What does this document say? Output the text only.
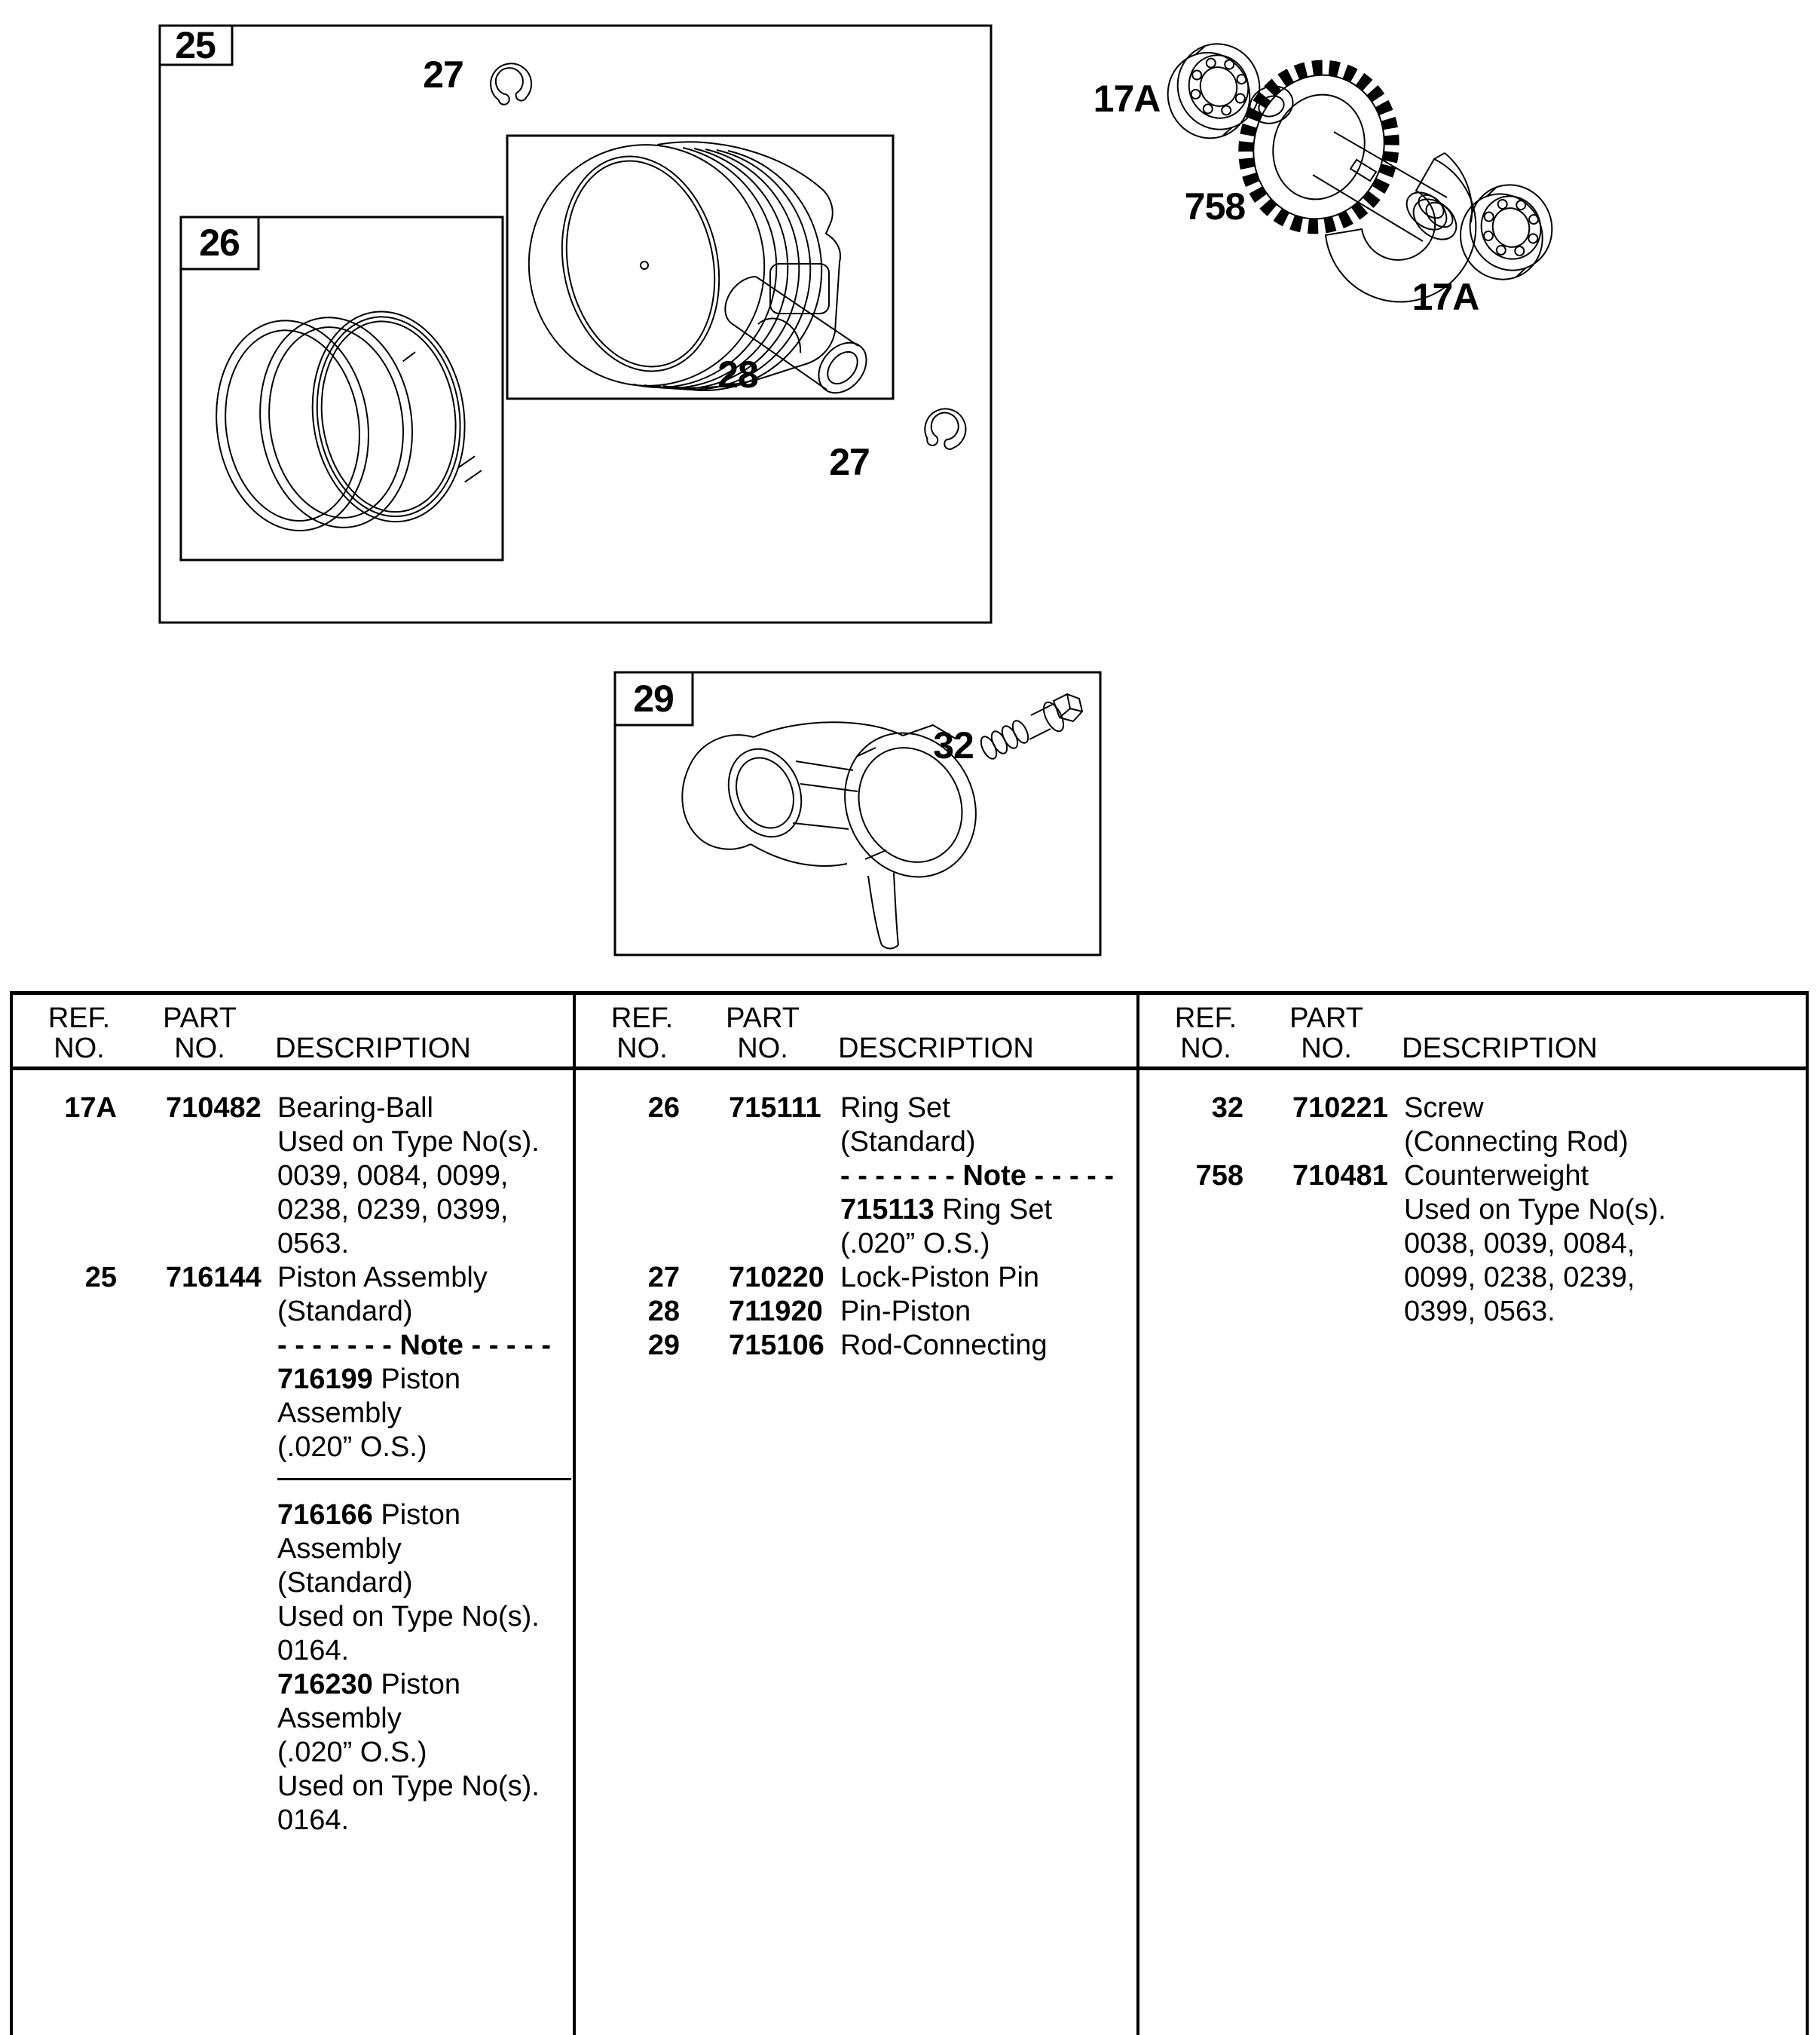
25
26
29
27
27
28
17A
758
17A
32
REF.
NO.
PART
NO.	DESCRIPTION
17A 710482 Bearing-Ball
Used on Type No(s).
0039, 0084, 0099,
0238, 0239, 0399,
0563.
25 716144 Piston Assembly
(Standard)
- - - - - - - Note - - - - -
716199 Piston
Assembly
(.020” O.S.)
716166 Piston
Assembly
(Standard)
Used on Type No(s).
0164.
716230 Piston
Assembly
(.020” O.S.)
Used on Type No(s).
0164.
REF.
NO.
PART
NO.	DESCRIPTION
26 715111 Ring Set
(Standard)
- - - - - - - Note - - - - -
715113 Ring Set
(.020” O.S.)
27 710220 Lock-Piston Pin
28 711920 Pin-Piston
29 715106 Rod-Connecting
REF.
NO.
PART
NO.	DESCRIPTION
32 710221 Screw
(Connecting Rod)
758 710481 Counterweight
Used on Type No(s).
0038, 0039, 0084,
0099, 0238, 0239,
0399, 0563.
